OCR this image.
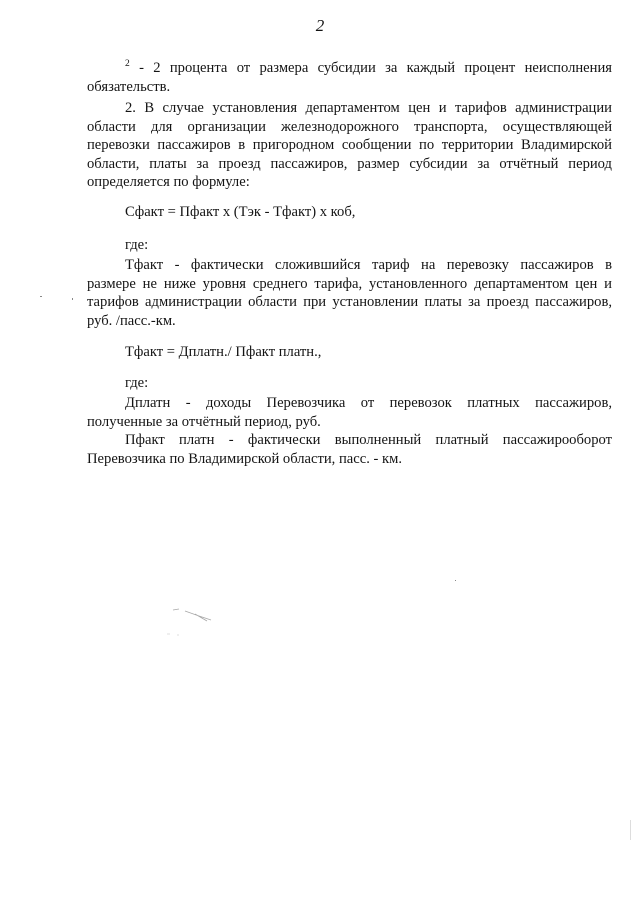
2
$^2$ - 2 процента от размера субсидии за каждый процент неисполнения
обязательств.
2. В случае установления департаментом цен и тарифов администрации
области для организации железнодорожного транспорта, осуществляющей
перевозки пассажиров в пригородном сообщении по территории Владимирской
области, платы за проезд пассажиров, размер субсидии за отчётный период
определяется по формуле:
Сфакт = Пфакт x (Тэк - Тфакт) x коб,
где:
Тфакт - фактически сложившийся тариф на перевозку пассажиров в
размере не ниже уровня среднего тарифа, установленного департаментом цен и
тарифов администрации области при установлении платы за проезд пассажиров,
руб. /пасс.-км.
Тфакт = Дплатн./ Пфакт платн.,
где:
Дплатн - доходы Перевозчика от перевозок платных пассажиров,
полученные за отчётный период, руб.
Пфакт платн - фактически выполненный платный пассажирооборот
Перевозчика по Владимирской области, пасс. - км.
